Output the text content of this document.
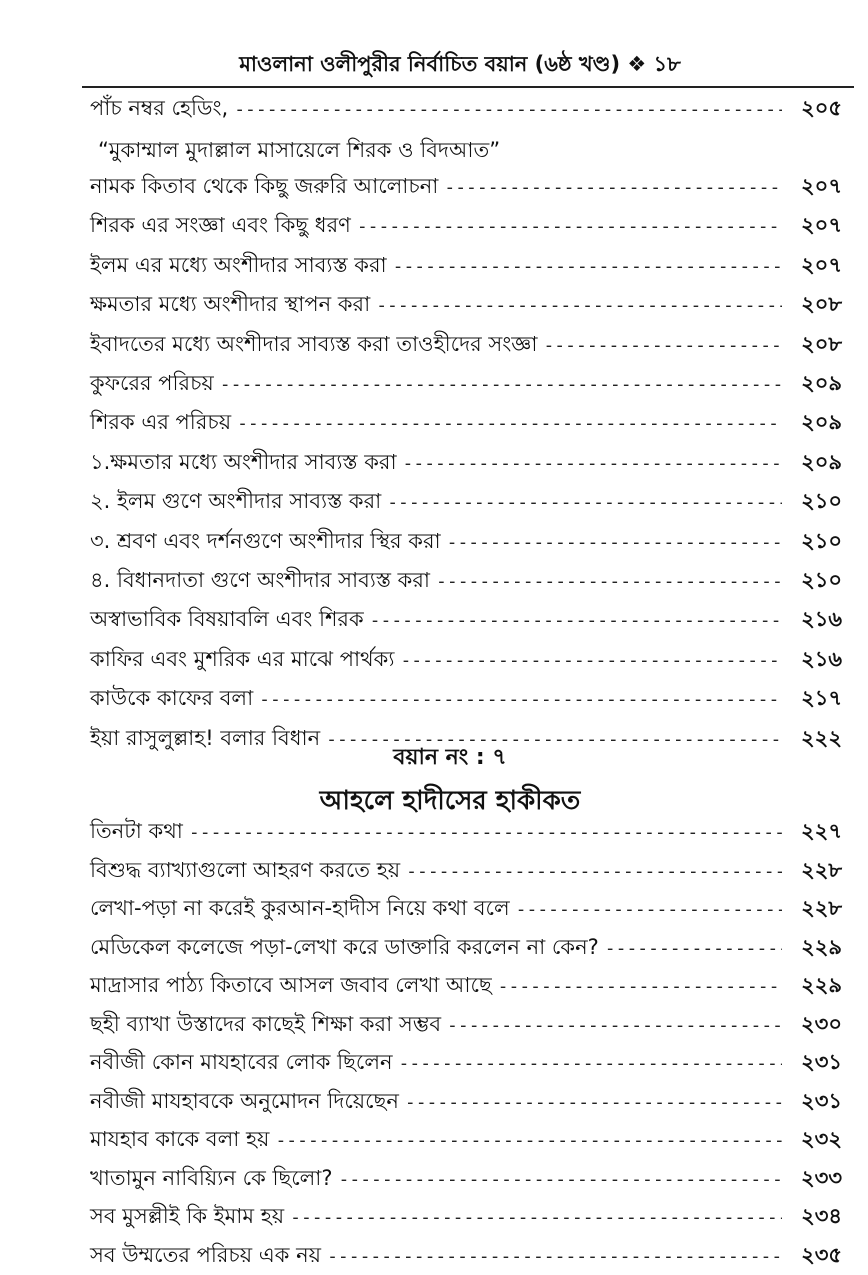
মাওলানা ওলীপুরীর নির্বাচিত বয়ান (৬ষ্ঠ খণ্ড) ❖ ১৮
পাঁচ নম্বর হেডিং, -----	২০৫
“মুকাম্মাল মুদাল্লাল মাসায়েলে শিরক ও বিদআত”
নামক কিতাব থেকে কিছু জরুরি আলোচনা -----	২০৭
শিরক এর সংজ্ঞা এবং কিছু ধরণ -----	২০৭
ইলম এর মধ্যে অংশীদার সাব্যস্ত করা -----	২০৭
ক্ষমতার মধ্যে অংশীদার স্থাপন করা -----	২০৮
ইবাদতের মধ্যে অংশীদার সাব্যস্ত করা তাওহীদের সংজ্ঞা -----	২০৮
কুফরের পরিচয় -----	২০৯
শিরক এর পরিচয় -----	২০৯
১.ক্ষমতার মধ্যে অংশীদার সাব্যস্ত করা -----	২০৯
২. ইলম গুণে অংশীদার সাব্যস্ত করা -----	২১০
৩. শ্রবণ এবং দর্শনগুণে অংশীদার স্থির করা -----	২১০
৪. বিধানদাতা গুণে অংশীদার সাব্যস্ত করা -----	২১০
অস্বাভাবিক বিষয়াবলি এবং শিরক -----	২১৬
কাফির এবং মুশরিক এর মাঝে পার্থক্য -----	২১৬
কাউকে কাফের বলা -----	২১৭
ইয়া রাসুলুল্লাহ! বলার বিধান -----	২২২
বয়ান নং : ৭
আহলে হাদীসের হাকীকত
তিনটা কথা -----	২২৭
বিশুদ্ধ ব্যাখ্যাগুলো আহরণ করতে হয় -----	২২৮
লেখা-পড়া না করেই কুরআন-হাদীস নিয়ে কথা বলে -----	২২৮
মেডিকেল কলেজে পড়া-লেখা করে ডাক্তারি করলেন না কেন? -----	২২৯
মাদ্রাসার পাঠ্য কিতাবে আসল জবাব লেখা আছে -----	২২৯
ছহী ব্যাখা উস্তাদের কাছেই শিক্ষা করা সম্ভব -----	২৩০
নবীজী কোন মাযহাবের লোক ছিলেন -----	২৩১
নবীজী মাযহাবকে অনুমোদন দিয়েছেন -----	২৩১
মাযহাব কাকে বলা হয় -----	২৩২
খাতামুন নাবিয়্যিন কে ছিলো? -----	২৩৩
সব মুসল্লীই কি ইমাম হয় -----	২৩৪
সব উম্মতের পরিচয় এক নয় -----	২৩৫
